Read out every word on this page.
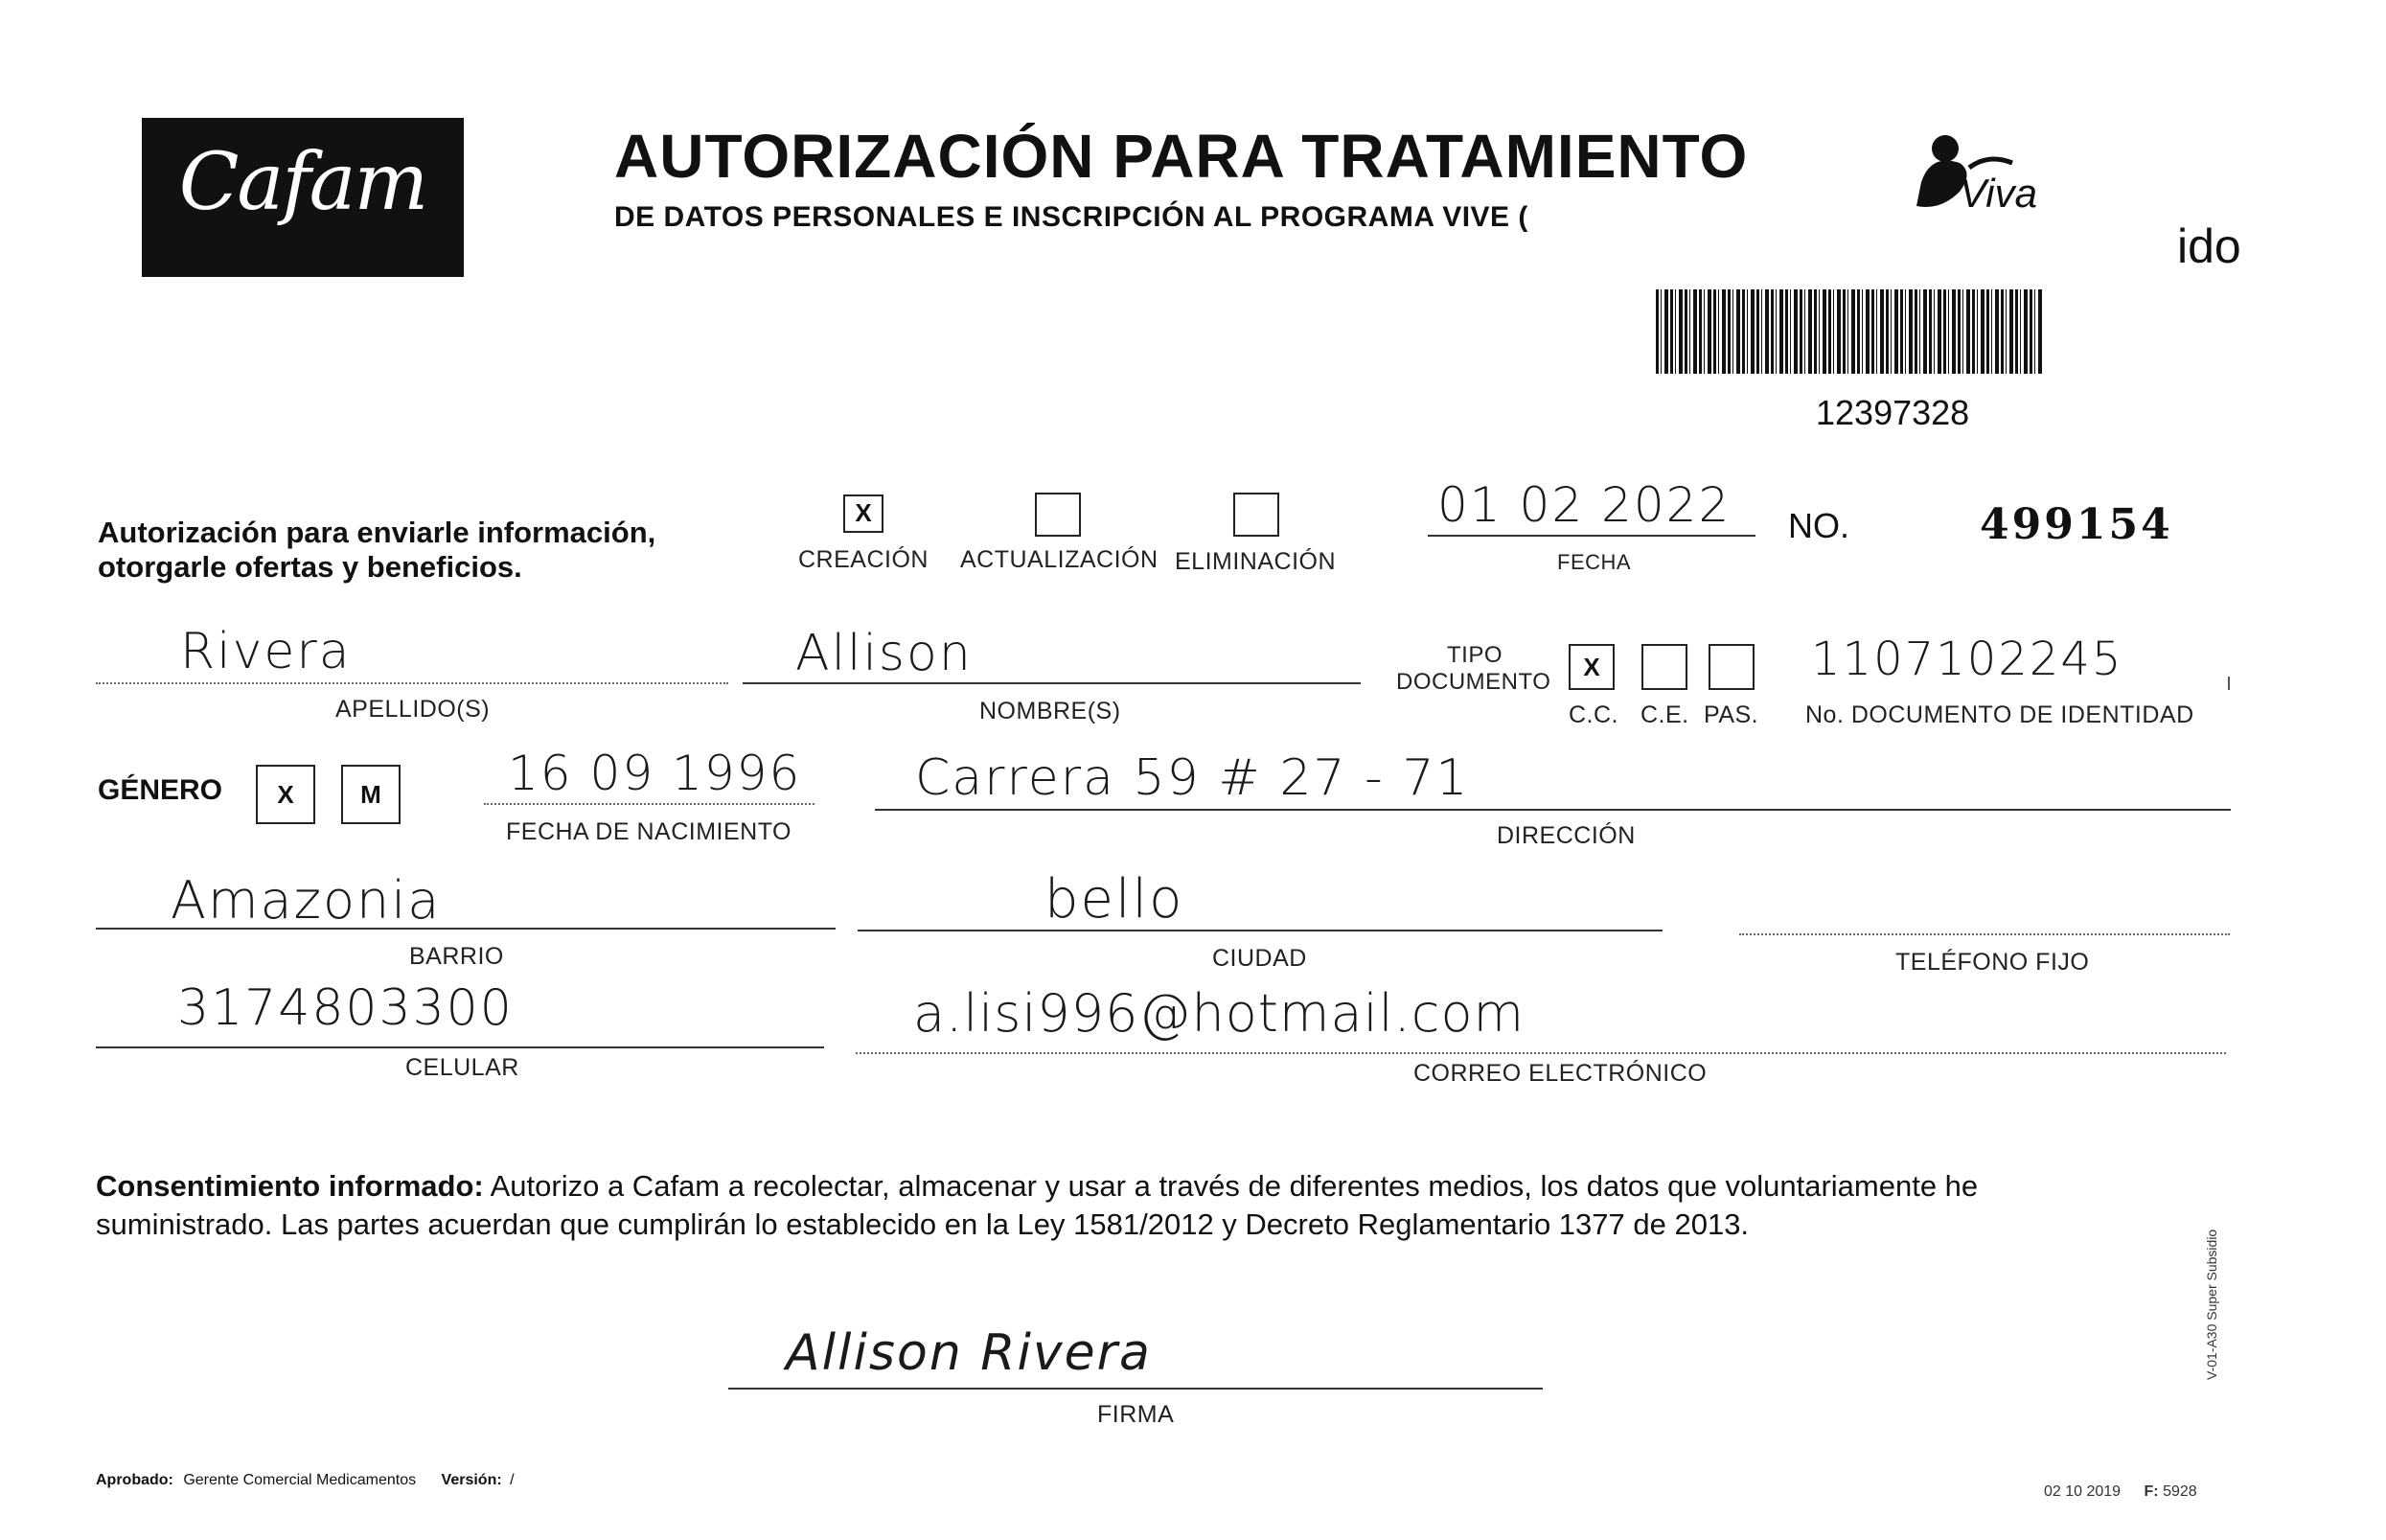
Cafam	AUTORIZACIÓN PARA TRATAMIENTO
DE DATOS PERSONALES E INSCRIPCIÓN AL PROGRAMA VIVE (
Viva
ido
12397328
Autorización para enviarle información,
otorgarle ofertas y beneficios.
X
CREACIÓN ACTUALIZACIÓN ELIMINACIÓN
01 02 2022
FECHA
NO.	499154
Rivera
APELLIDO(S)
Allison
NOMBRE(S)
TIPO
DOCUMENTO
X
C.C. C.E. PAS.
1107102245
No. DOCUMENTO DE IDENTIDAD
GÉNERO	X	M	16 09 1996
FECHA DE NACIMIENTO
Carrera 59 # 27 - 71
DIRECCIÓN
Amazonia
BARRIO
bello
CIUDAD	TELÉFONO FIJO
3174803300
CELULAR
a.lisi996@hotmail.com
CORREO ELECTRÓNICO
Consentimiento informado: Autorizo a Cafam a recolectar, almacenar y usar a través de diferentes medios, los datos que voluntariamente he
suministrado. Las partes acuerdan que cumplirán lo establecido en la Ley 1581/2012 y Decreto Reglamentario 1377 de 2013.
Allison Rivera
FIRMA
Aprobado: Gerente Comercial Medicamentos Versión: /
02 10 2019 F: 5928
V-01-A30 Super Subsidio
